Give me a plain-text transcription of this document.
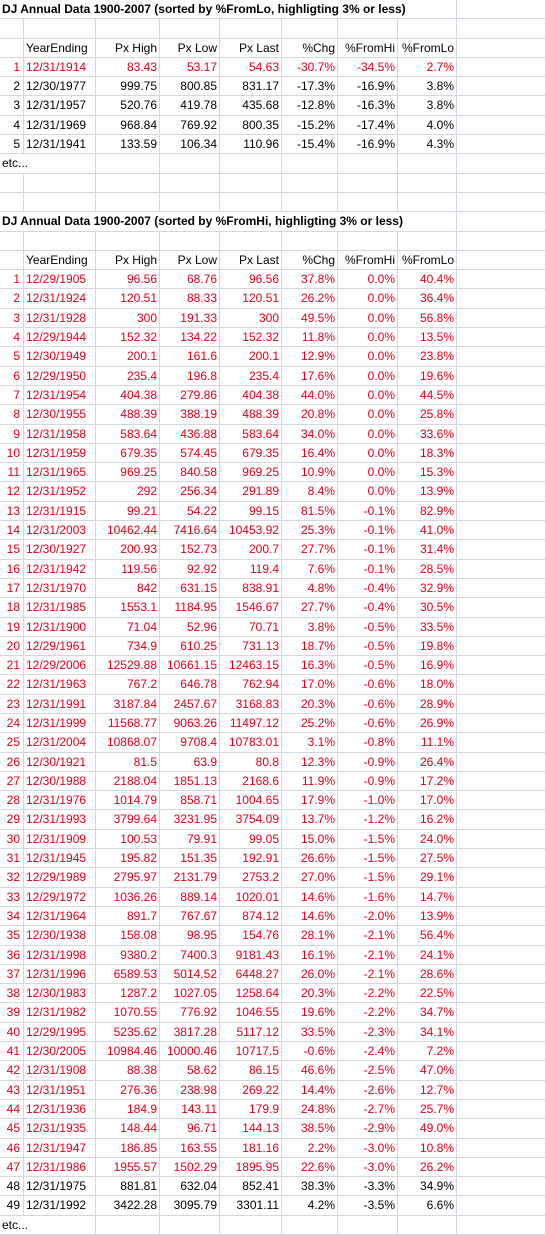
DJ Annual Data 1900-2007 (sorted by %FromLo, highligting 3% or less)
YearEnding	Px High	Px Low	Px Last	%Chg %FromHi %FromLo
1 12/31/1914	83.43	53.17	54.63	-30.7%	-34.5%	2.7%
2 12/30/1977	999.75	800.85	831.17	-17.3%	-16.9%	3.8%
3 12/31/1957	520.76	419.78	435.68	-12.8%	-16.3%	3.8%
4 12/31/1969	968.84	769.92	800.35	-15.2%	-17.4%	4.0%
5 12/31/1941	133.59	106.34	110.96	-15.4%	-16.9%	4.3%
etc...
DJ Annual Data 1900-2007 (sorted by %FromHi, highligting 3% or less)
YearEnding	Px High	Px Low	Px Last	%Chg %FromHi %FromLo
1 12/29/1905	96.56	68.76	96.56	37.8%	0.0%	40.4%
2 12/31/1924	120.51	88.33	120.51	26.2%	0.0%	36.4%
3 12/31/1928	300	191.33	300	49.5%	0.0%	56.8%
4 12/29/1944	152.32	134.22	152.32	11.8%	0.0%	13.5%
5 12/30/1949	200.1	161.6	200.1	12.9%	0.0%	23.8%
6 12/29/1950	235.4	196.8	235.4	17.6%	0.0%	19.6%
7 12/31/1954	404.38	279.86	404.38	44.0%	0.0%	44.5%
8 12/30/1955	488.39	388.19	488.39	20.8%	0.0%	25.8%
9 12/31/1958	583.64	436.88	583.64	34.0%	0.0%	33.6%
10 12/31/1959	679.35	574.45	679.35	16.4%	0.0%	18.3%
11 12/31/1965	969.25	840.58	969.25	10.9%	0.0%	15.3%
12 12/31/1952	292	256.34	291.89	8.4%	0.0%	13.9%
13 12/31/1915	99.21	54.22	99.15	81.5%	-0.1%	82.9%
14 12/31/2003	10462.44	7416.64 10453.92	25.3%	-0.1%	41.0%
15 12/30/1927	200.93	152.73	200.7	27.7%	-0.1%	31.4%
16 12/31/1942	119.56	92.92	119.4	7.6%	-0.1%	28.5%
17 12/31/1970	842	631.15	838.91	4.8%	-0.4%	32.9%
18 12/31/1985	1553.1	1184.95	1546.67	27.7%	-0.4%	30.5%
19 12/31/1900	71.04	52.96	70.71	3.8%	-0.5%	33.5%
20 12/29/1961	734.9	610.25	731.13	18.7%	-0.5%	19.8%
21 12/29/2006	12529.88 10661.15 12463.15	16.3%	-0.5%	16.9%
22 12/31/1963	767.2	646.78	762.94	17.0%	-0.6%	18.0%
23 12/31/1991	3187.84	2457.67	3168.83	20.3%	-0.6%	28.9%
24 12/31/1999	11568.77	9063.26	11497.12	25.2%	-0.6%	26.9%
25 12/31/2004	10868.07	9708.4 10783.01	3.1%	-0.8%	11.1%
26 12/30/1921	81.5	63.9	80.8	12.3%	-0.9%	26.4%
27 12/30/1988	2188.04	1851.13	2168.6	11.9%	-0.9%	17.2%
28 12/31/1976	1014.79	858.71	1004.65	17.9%	-1.0%	17.0%
29 12/31/1993	3799.64	3231.95	3754.09	13.7%	-1.2%	16.2%
30 12/31/1909	100.53	79.91	99.05	15.0%	-1.5%	24.0%
31 12/31/1945	195.82	151.35	192.91	26.6%	-1.5%	27.5%
32 12/29/1989	2795.97	2131.79	2753.2	27.0%	-1.5%	29.1%
33 12/29/1972	1036.26	889.14	1020.01	14.6%	-1.6%	14.7%
34 12/31/1964	891.7	767.67	874.12	14.6%	-2.0%	13.9%
35 12/30/1938	158.08	98.95	154.76	28.1%	-2.1%	56.4%
36 12/31/1998	9380.2	7400.3	9181.43	16.1%	-2.1%	24.1%
37 12/31/1996	6589.53	5014.52	6448.27	26.0%	-2.1%	28.6%
38 12/30/1983	1287.2	1027.05	1258.64	20.3%	-2.2%	22.5%
39 12/31/1982	1070.55	776.92	1046.55	19.6%	-2.2%	34.7%
40 12/29/1995	5235.62	3817.28	5117.12	33.5%	-2.3%	34.1%
41 12/30/2005	10984.46 10000.46	10717.5	-0.6%	-2.4%	7.2%
42 12/31/1908	88.38	58.62	86.15	46.6%	-2.5%	47.0%
43 12/31/1951	276.36	238.98	269.22	14.4%	-2.6%	12.7%
44 12/31/1936	184.9	143.11	179.9	24.8%	-2.7%	25.7%
45 12/31/1935	148.44	96.71	144.13	38.5%	-2.9%	49.0%
46 12/31/1947	186.85	163.55	181.16	2.2%	-3.0%	10.8%
47 12/31/1986	1955.57	1502.29	1895.95	22.6%	-3.0%	26.2%
48 12/31/1975	881.81	632.04	852.41	38.3%	-3.3%	34.9%
49 12/31/1992	3422.28	3095.79	3301.11	4.2%	-3.5%	6.6%
etc...
